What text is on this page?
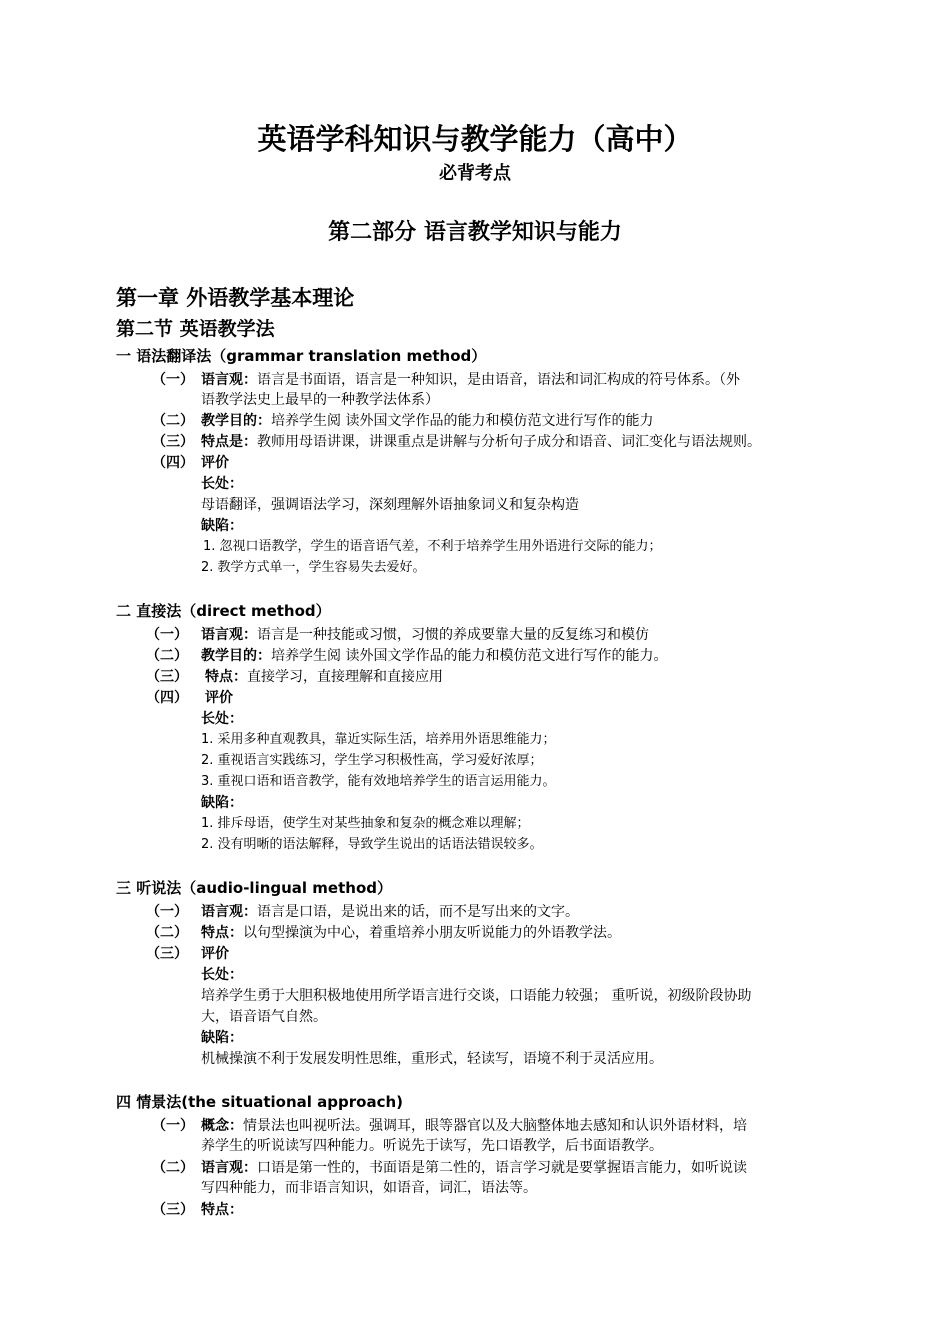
英语学科知识与教学能力（高中）
必背考点
第二部分 语言教学知识与能力
第一章 外语教学基本理论
第二节 英语教学法
一 语法翻译法（grammar translation method）
（一） 语言观：语言是书面语，语言是一种知识，是由语音，语法和词汇构成的符号体系。（外
语教学法史上最早的一种教学法体系）
（二） 教学目的：培养学生阅 读外国文学作品的能力和模仿范文进行写作的能力
（三） 特点是：教师用母语讲课，讲课重点是讲解与分析句子成分和语音、词汇变化与语法规则。
（四） 评价
长处：
母语翻译，强调语法学习，深刻理解外语抽象词义和复杂构造
缺陷：
1. 忽视口语教学，学生的语音语气差，不利于培养学生用外语进行交际的能力；
2. 教学方式单一，学生容易失去爱好。
二 直接法（direct method）
（一） 语言观：语言是一种技能或习惯，习惯的养成要靠大量的反复练习和模仿
（二） 教学目的：培养学生阅 读外国文学作品的能力和模仿范文进行写作的能力。
（三） 特点：直接学习，直接理解和直接应用
（四） 评价
长处：
1. 采用多种直观教具，靠近实际生活，培养用外语思维能力；
2. 重视语言实践练习，学生学习积极性高，学习爱好浓厚；
3. 重视口语和语音教学，能有效地培养学生的语言运用能力。
缺陷：
1. 排斥母语，使学生对某些抽象和复杂的概念难以理解；
2. 没有明晰的语法解释，导致学生说出的话语法错误较多。
三 听说法（audio-lingual method）
（一） 语言观：语言是口语，是说出来的话，而不是写出来的文字。
（二） 特点：以句型操演为中心，着重培养小朋友听说能力的外语教学法。
（三） 评价
长处：
培养学生勇于大胆积极地使用所学语言进行交谈，口语能力较强； 重听说，初级阶段协助
大，语音语气自然。
缺陷：
机械操演不利于发展发明性思维，重形式，轻读写，语境不利于灵活应用。
四 情景法(the situational approach)
（一） 概念：情景法也叫视听法。强调耳，眼等器官以及大脑整体地去感知和认识外语材料，培
养学生的听说读写四种能力。听说先于读写，先口语教学，后书面语教学。
（二） 语言观：口语是第一性的，书面语是第二性的，语言学习就是要掌握语言能力，如听说读
写四种能力，而非语言知识，如语音，词汇，语法等。
（三） 特点：
